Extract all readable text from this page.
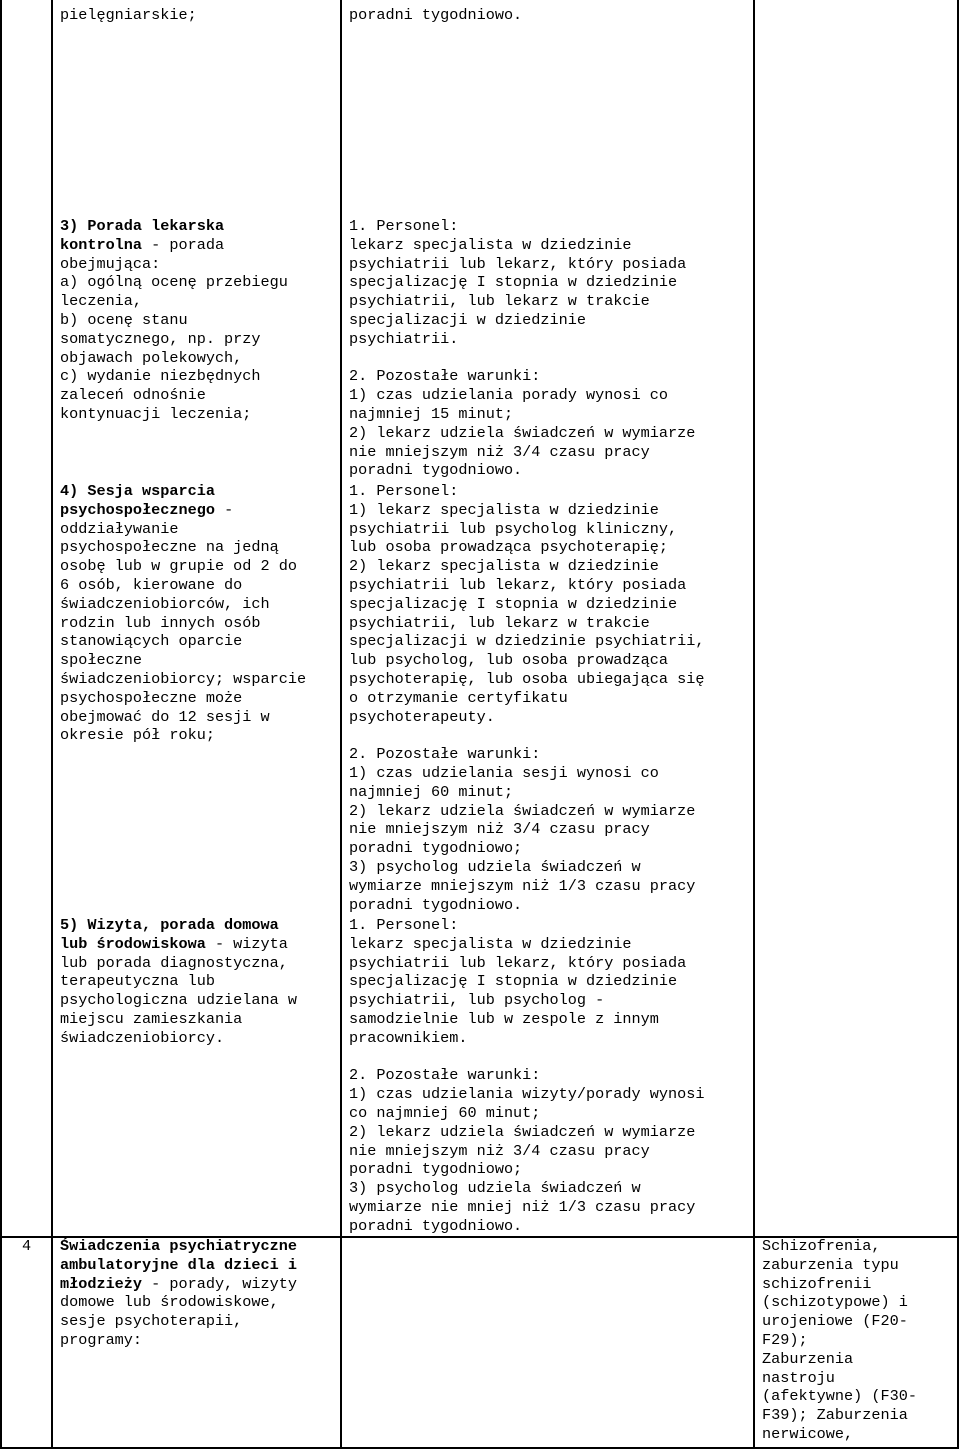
pielęgniarskie;	poradni tygodniowo.
3) Porada lekarska
kontrolna - porada
obejmująca:
a) ogólną ocenę przebiegu
leczenia,
b) ocenę stanu
somatycznego, np. przy
objawach polekowych,
c) wydanie niezbędnych
zaleceń odnośnie
kontynuacji leczenia;
1. Personel:
lekarz specjalista w dziedzinie
psychiatrii lub lekarz, który posiada
specjalizację I stopnia w dziedzinie
psychiatrii, lub lekarz w trakcie
specjalizacji w dziedzinie
psychiatrii.

2. Pozostałe warunki:
1) czas udzielania porady wynosi co
najmniej 15 minut;
2) lekarz udziela świadczeń w wymiarze
nie mniejszym niż 3/4 czasu pracy
poradni tygodniowo.
4) Sesja wsparcia
psychospołecznego -
oddziaływanie
psychospołeczne na jedną
osobę lub w grupie od 2 do
6 osób, kierowane do
świadczeniobiorców, ich
rodzin lub innych osób
stanowiących oparcie
społeczne
świadczeniobiorcy; wsparcie
psychospołeczne może
obejmować do 12 sesji w
okresie pół roku;
1. Personel:
1) lekarz specjalista w dziedzinie
psychiatrii lub psycholog kliniczny,
lub osoba prowadząca psychoterapię;
2) lekarz specjalista w dziedzinie
psychiatrii lub lekarz, który posiada
specjalizację I stopnia w dziedzinie
psychiatrii, lub lekarz w trakcie
specjalizacji w dziedzinie psychiatrii,
lub psycholog, lub osoba prowadząca
psychoterapię, lub osoba ubiegająca się
o otrzymanie certyfikatu
psychoterapeuty.

2. Pozostałe warunki:
1) czas udzielania sesji wynosi co
najmniej 60 minut;
2) lekarz udziela świadczeń w wymiarze
nie mniejszym niż 3/4 czasu pracy
poradni tygodniowo;
3) psycholog udziela świadczeń w
wymiarze mniejszym niż 1/3 czasu pracy
poradni tygodniowo.
5) Wizyta, porada domowa
lub środowiskowa - wizyta
lub porada diagnostyczna,
terapeutyczna lub
psychologiczna udzielana w
miejscu zamieszkania
świadczeniobiorcy.
1. Personel:
lekarz specjalista w dziedzinie
psychiatrii lub lekarz, który posiada
specjalizację I stopnia w dziedzinie
psychiatrii, lub psycholog -
samodzielnie lub w zespole z innym
pracownikiem.

2. Pozostałe warunki:
1) czas udzielania wizyty/porady wynosi
co najmniej 60 minut;
2) lekarz udziela świadczeń w wymiarze
nie mniejszym niż 3/4 czasu pracy
poradni tygodniowo;
3) psycholog udziela świadczeń w
wymiarze nie mniej niż 1/3 czasu pracy
poradni tygodniowo.
4 Świadczenia psychiatryczne
ambulatoryjne dla dzieci i
młodzieży - porady, wizyty
domowe lub środowiskowe,
sesje psychoterapii,
programy:
Schizofrenia,
zaburzenia typu
schizofrenii
(schizotypowe) i
urojeniowe (F20-
F29);
Zaburzenia
nastroju
(afektywne) (F30-
F39); Zaburzenia
nerwicowe,
